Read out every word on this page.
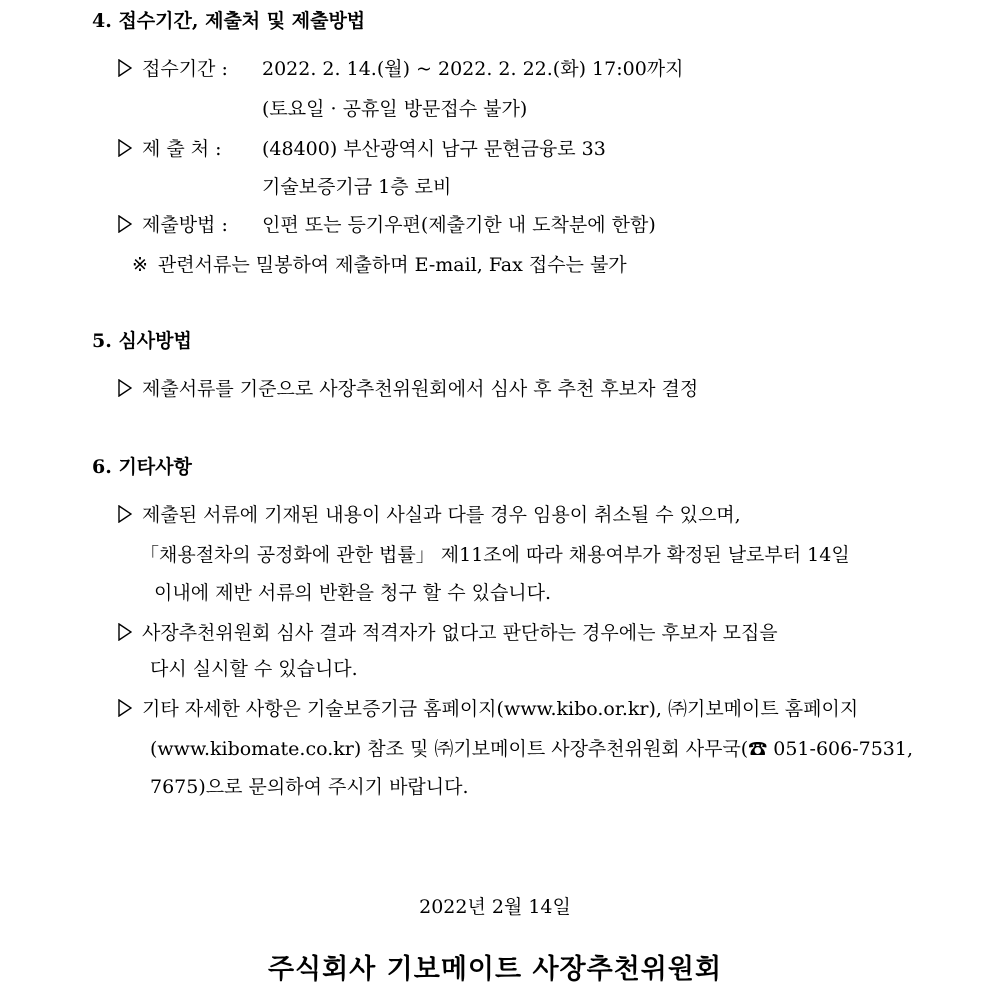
4. 접수기간, 제출처 및 제출방법
접수기간 : 2022. 2. 14.(월) ~ 2022. 2. 22.(화) 17:00까지
(토요일 · 공휴일 방문접수 불가)
제 출 처 : (48400) 부산광역시 남구 문현금융로 33
기술보증기금 1층 로비
제출방법 : 인편 또는 등기우편(제출기한 내 도착분에 한함)
※ 관련서류는 밀봉하여 제출하며 E-mail, Fax 접수는 불가
5. 심사방법
제출서류를 기준으로 사장추천위원회에서 심사 후 추천 후보자 결정
6. 기타사항
제출된 서류에 기재된 내용이 사실과 다를 경우 임용이 취소될 수 있으며,
「채용절차의 공정화에 관한 법률」 제11조에 따라 채용여부가 확정된 날로부터 14일
이내에 제반 서류의 반환을 청구 할 수 있습니다.
사장추천위원회 심사 결과 적격자가 없다고 판단하는 경우에는 후보자 모집을
다시 실시할 수 있습니다.
기타 자세한 사항은 기술보증기금 홈페이지(www.kibo.or.kr), ㈜기보메이트 홈페이지
(www.kibomate.co.kr) 참조 및 ㈜기보메이트 사장추천위원회 사무국(☎ 051-606-7531,
7675)으로 문의하여 주시기 바랍니다.
2022년 2월 14일
주식회사 기보메이트 사장추천위원회
